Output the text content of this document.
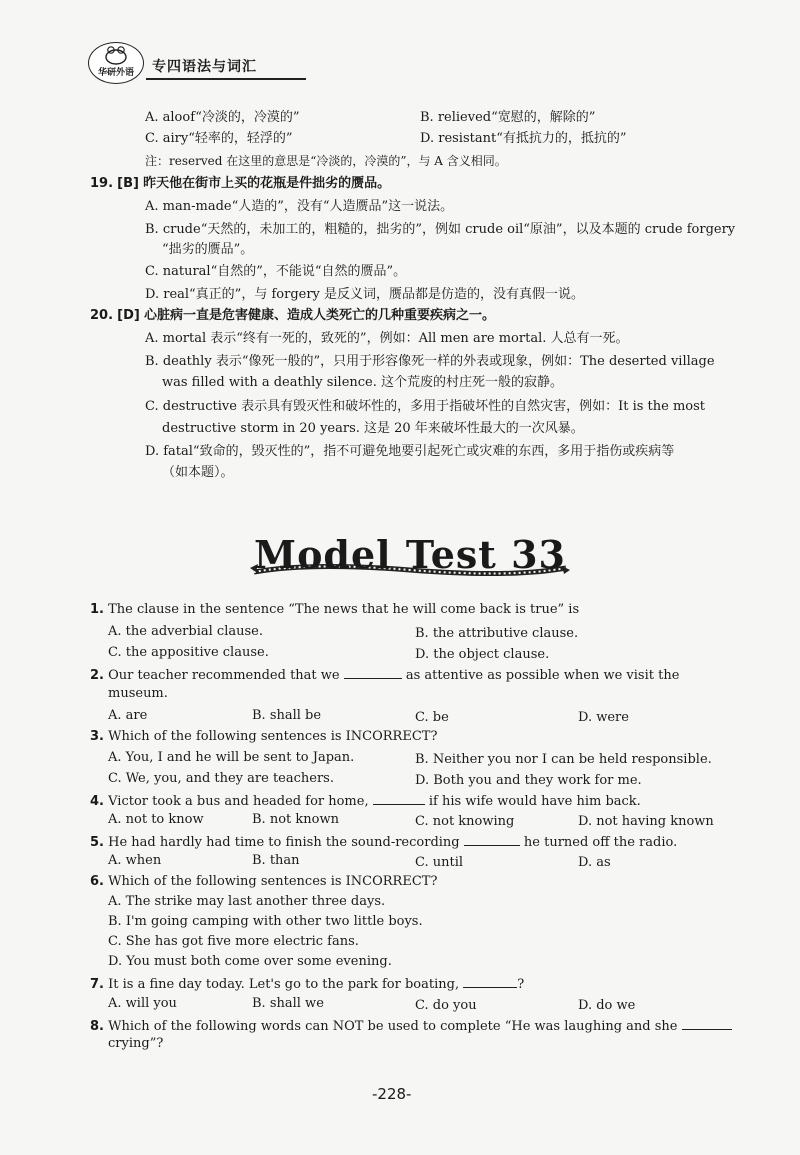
华研外语	专四语法与词汇
A. aloof“冷淡的，冷漠的”	B. relieved“宽慰的，解除的”
C. airy“轻率的，轻浮的”	D. resistant“有抵抗力的，抵抗的”
注：reserved 在这里的意思是“冷淡的，冷漠的”，与 A 含义相同。
19. [B] 昨天他在街市上买的花瓶是件拙劣的赝品。
A. man-made“人造的”，没有“人造赝品”这一说法。
B. crude“天然的，未加工的，粗糙的，拙劣的”，例如 crude oil“原油”，以及本题的 crude forgery
“拙劣的赝品”。
C. natural“自然的”，不能说“自然的赝品”。
D. real“真正的”，与 forgery 是反义词，赝品都是仿造的，没有真假一说。
20. [D] 心脏病一直是危害健康、造成人类死亡的几种重要疾病之一。
A. mortal 表示“终有一死的，致死的”，例如：All men are mortal. 人总有一死。
B. deathly 表示“像死一般的”，只用于形容像死一样的外表或现象，例如：The deserted village
was filled with a deathly silence. 这个荒废的村庄死一般的寂静。
C. destructive 表示具有毁灭性和破坏性的，多用于指破坏性的自然灾害，例如：It is the most
destructive storm in 20 years. 这是 20 年来破坏性最大的一次风暴。
D. fatal“致命的，毁灭性的”，指不可避免地要引起死亡或灾难的东西，多用于指伤或疾病等
（如本题）。
Model Test 33
1. The clause in the sentence “The news that he will come back is true” is
A. the adverbial clause.	B. the attributive clause.
C. the appositive clause.	D. the object clause.
2. Our teacher recommended that we	as attentive as possible when we visit the
museum.
A. are	B. shall be	C. be	D. were
3. Which of the following sentences is INCORRECT?
A. You, I and he will be sent to Japan.	B. Neither you nor I can be held responsible.
C. We, you, and they are teachers.	D. Both you and they work for me.
4. Victor took a bus and headed for home,	if his wife would have him back.
A. not to know	B. not known	C. not knowing	D. not having known
5. He had hardly had time to finish the sound-recording	he turned off the radio.
A. when	B. than	C. until	D. as
6. Which of the following sentences is INCORRECT?
A. The strike may last another three days.
B. I'm going camping with other two little boys.
C. She has got five more electric fans.
D. You must both come over some evening.
7. It is a fine day today. Let's go to the park for boating,	?
A. will you	B. shall we	C. do you	D. do we
8. Which of the following words can NOT be used to complete “He was laughing and she
crying”?
-228-
